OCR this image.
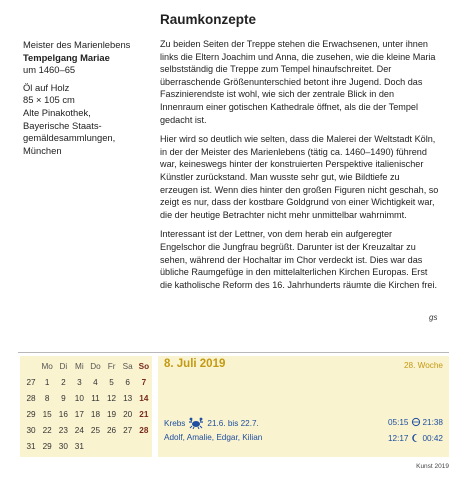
Raumkonzepte
Meister des Marienlebens
Tempelgang Mariae
um 1460–65
Öl auf Holz
85 × 105 cm
Alte Pinakothek,
Bayerische Staats-
gemäldesammlungen,
München

Zu beiden Seiten der Treppe stehen die Erwachsenen, unter ihnen links die Eltern Joachim und Anna, die zusehen, wie die kleine Maria selbstständig die Treppe zum Tempel hinaufschreitet. Der überraschende Größenunterschied betont ihre Jugend. Doch das Faszinierendste ist wohl, wie sich der zentrale Blick in den Innenraum einer gotischen Kathedrale öffnet, als die der Tempel gedacht ist.

Hier wird so deutlich wie selten, dass die Malerei der Weltstadt Köln, in der der Meister des Marienlebens (tätig ca. 1460–1490) führend war, keineswegs hinter der konstruierten Perspektive italienischer Künstler zurückstand. Man wusste sehr gut, wie Bildtiefe zu erzeugen ist. Wenn dies hinter den großen Figuren nicht geschah, so zeigt es nur, dass der kostbare Goldgrund von einer Wichtigkeit war, die der heutige Betrachter nicht mehr unmittelbar wahrnimmt.

Interessant ist der Lettner, von dem herab ein aufgeregter Engelschor die Jungfrau begrüßt. Darunter ist der Kreuzaltar zu sehen, während der Hochaltar im Chor verdeckt ist. Dies war das übliche Raumgefüge in den mittelalterlichen Kirchen Europas. Erst die katholische Reform des 16. Jahrhunderts räumte die Kirchen frei.

gs
	Mo	Di	Mi	Do	Fr	Sa	So
27	1	2	3	4	5	6	7
28	8	9	10	11	12	13	14
29	15	16	17	18	19	20	21
30	22	23	24	25	26	27	28
31	29	30	31				
8. Juli 2019	28. Woche
Krebs	21.6. bis 22.7.
Adolf, Amalie, Edgar, Kilian
05:15 21:38
12:17 00:42
Kunst 2019
